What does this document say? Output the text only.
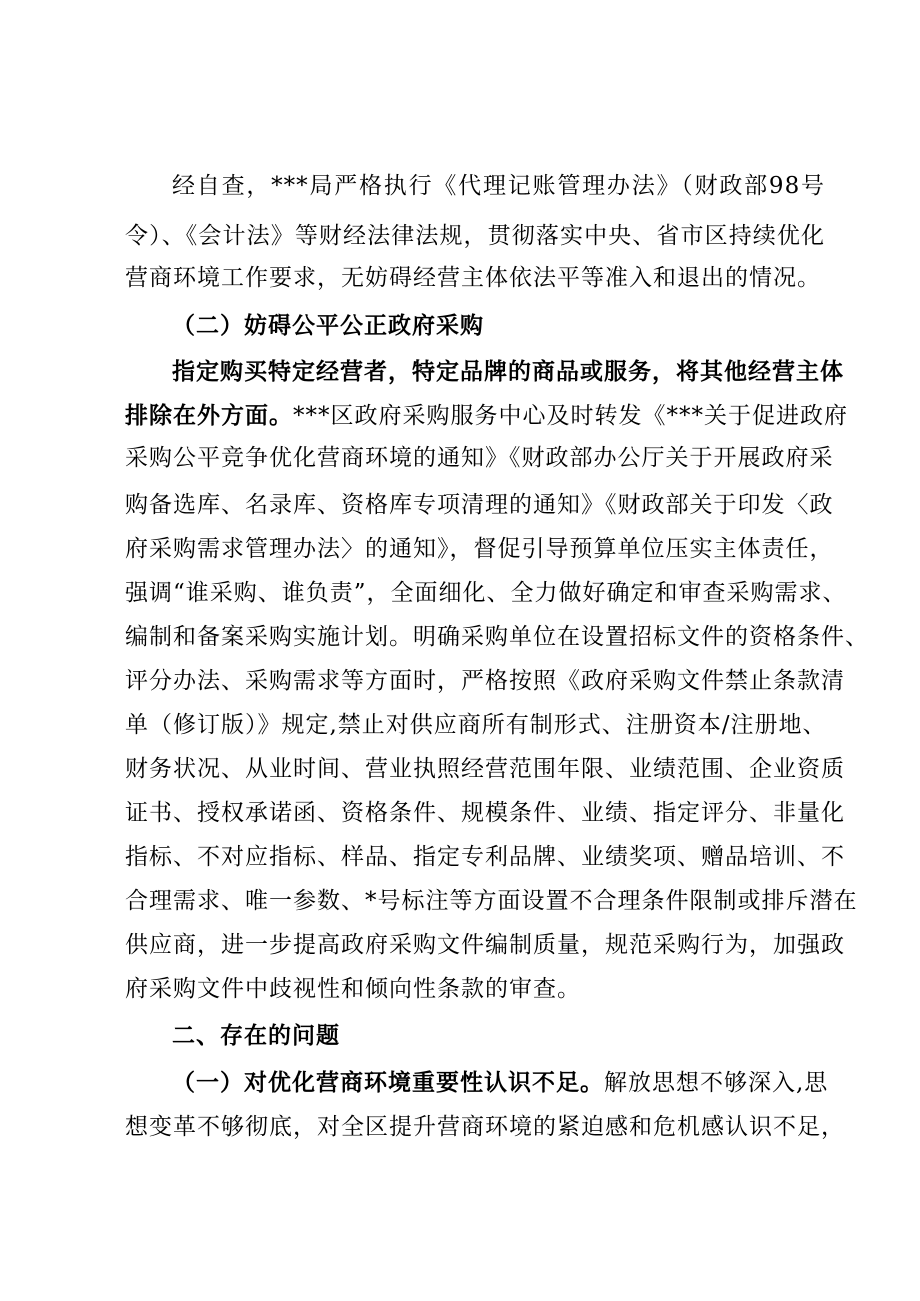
经自查，***局严格执行《代理记账管理办法》（财政部98号
令）、《会计法》等财经法律法规，贯彻落实中央、省市区持续优化
营商环境工作要求，无妨碍经营主体依法平等准入和退出的情况。
（二）妨碍公平公正政府采购
指定购买特定经营者，特定品牌的商品或服务，将其他经营主体
排除在外方面。***区政府采购服务中心及时转发《***关于促进政府
采购公平竞争优化营商环境的通知》《财政部办公厅关于开展政府采
购备选库、名录库、资格库专项清理的通知》《财政部关于印发〈政
府采购需求管理办法〉的通知》，督促引导预算单位压实主体责任，
强调“谁采购、谁负责”，全面细化、全力做好确定和审查采购需求、
编制和备案采购实施计划。明确采购单位在设置招标文件的资格条件、
评分办法、采购需求等方面时，严格按照《政府采购文件禁止条款清
单（修订版）》规定,禁止对供应商所有制形式、注册资本/注册地、
财务状况、从业时间、营业执照经营范围年限、业绩范围、企业资质
证书、授权承诺函、资格条件、规模条件、业绩、指定评分、非量化
指标、不对应指标、样品、指定专利品牌、业绩奖项、赠品培训、不
合理需求、唯一参数、*号标注等方面设置不合理条件限制或排斥潜在
供应商，进一步提高政府采购文件编制质量，规范采购行为，加强政
府采购文件中歧视性和倾向性条款的审查。
二、存在的问题
（一）对优化营商环境重要性认识不足。解放思想不够深入,思
想变革不够彻底，对全区提升营商环境的紧迫感和危机感认识不足，
